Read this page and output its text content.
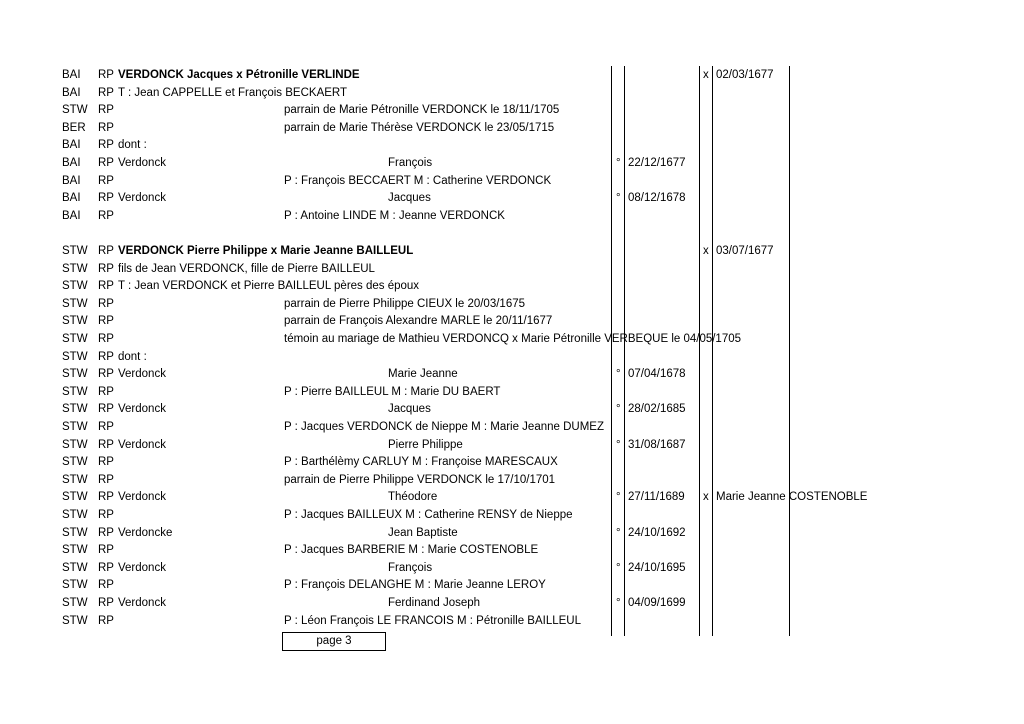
BAI RP VERDONCK Jacques x Pétronille VERLINDE	x 02/03/1677
BAI RP T : Jean CAPPELLE et François BECKAERT
STW RP	parrain de Marie Pétronille VERDONCK le 18/11/1705
BER RP	parrain de Marie Thérèse VERDONCK le 23/05/1715
BAI RP dont :
BAI RP Verdonck	François	° 22/12/1677
BAI RP	P : François BECCAERT M : Catherine VERDONCK
BAI RP Verdonck	Jacques	° 08/12/1678
BAI RP	P : Antoine LINDE M : Jeanne VERDONCK
STW RP VERDONCK Pierre Philippe x Marie Jeanne BAILLEUL	x 03/07/1677
STW RP fils de Jean VERDONCK, fille de Pierre BAILLEUL
STW RP T : Jean VERDONCK et Pierre BAILLEUL pères des époux
STW RP	parrain de Pierre Philippe CIEUX le 20/03/1675
STW RP	parrain de François Alexandre MARLE le 20/11/1677
STW RP	témoin au mariage de Mathieu VERDONCQ x Marie Pétronille VERBEQUE le 04/05/1705
STW RP dont :
STW RP Verdonck	Marie Jeanne	° 07/04/1678
STW RP	P : Pierre BAILLEUL M : Marie DU BAERT
STW RP Verdonck	Jacques	° 28/02/1685
STW RP	P : Jacques VERDONCK de Nieppe M : Marie Jeanne DUMEZ
STW RP Verdonck	Pierre Philippe	° 31/08/1687
STW RP	P : Barthélèmy CARLUY M : Françoise MARESCAUX
STW RP	parrain de Pierre Philippe VERDONCK le 17/10/1701
STW RP Verdonck	Théodore	° 27/11/1689 x Marie Jeanne COSTENOBLE
STW RP	P : Jacques BAILLEUX M : Catherine RENSY de Nieppe
STW RP Verdoncke	Jean Baptiste	° 24/10/1692
STW RP	P : Jacques BARBERIE M : Marie COSTENOBLE
STW RP Verdonck	François	° 24/10/1695
STW RP	P : François DELANGHE M : Marie Jeanne LEROY
STW RP Verdonck	Ferdinand Joseph	° 04/09/1699
STW RP	P : Léon François LE FRANCOIS M : Pétronille BAILLEUL
page 3
